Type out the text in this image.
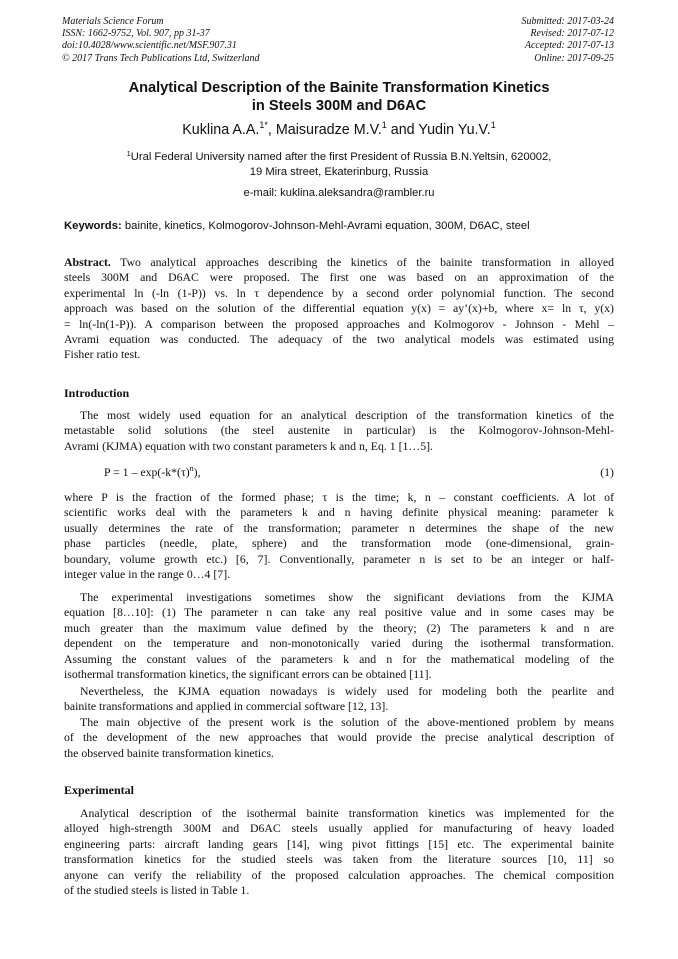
Materials Science Forum
ISSN: 1662-9752, Vol. 907, pp 31-37
doi:10.4028/www.scientific.net/MSF.907.31
© 2017 Trans Tech Publications Ltd, Switzerland
Submitted: 2017-03-24
Revised: 2017-07-12
Accepted: 2017-07-13
Online: 2017-09-25
Analytical Description of the Bainite Transformation Kinetics
in Steels 300M and D6AC
Kuklina A.A.$^{1*}$, Maisuradze M.V.$^1$ and Yudin Yu.V.$^1$
$^1$Ural Federal University named after the first President of Russia B.N.Yeltsin, 620002,
19 Mira street, Ekaterinburg, Russia
e-mail: kuklina.aleksandra@rambler.ru
Keywords: bainite, kinetics, Kolmogorov-Johnson-Mehl-Avrami equation, 300M, D6AC, steel
Abstract. Two analytical approaches describing the kinetics of the bainite transformation in alloyed
steels 300M and D6AC were proposed. The first one was based on an approximation of the
experimental ln (-ln (1-P)) vs. ln τ dependence by a second order polynomial function. The second
approach was based on the solution of the differential equation y(x) = ay’(x)+b, where x= ln τ, y(x)
= ln(-ln(1-P)). A comparison between the proposed approaches and Kolmogorov - Johnson - Mehl –
Avrami equation was conducted. The adequacy of the two analytical models was estimated using
Fisher ratio test.
Introduction
The most widely used equation for an analytical description of the transformation kinetics of the
metastable solid solutions (the steel austenite in particular) is the Kolmogorov-Johnson-Mehl-
Avrami (KJMA) equation with two constant parameters k and n, Eq. 1 [1…5].
$P = 1 - \exp(-k*(\tau)^n)$,	(1)
where P is the fraction of the formed phase; τ is the time; k, n – constant coefficients. A lot of
scientific works deal with the parameters k and n having definite physical meaning: parameter k
usually determines the rate of the transformation; parameter n determines the shape of the new
phase particles (needle, plate, sphere) and the transformation mode (one-dimensional, grain-
boundary, volume growth etc.) [6, 7]. Conventionally, parameter n is set to be an integer or half-
integer value in the range 0…4 [7].
The experimental investigations sometimes show the significant deviations from the KJMA
equation [8…10]: (1) The parameter n can take any real positive value and in some cases may be
much greater than the maximum value defined by the theory; (2) The parameters k and n are
dependent on the temperature and non-monotonically varied during the isothermal transformation.
Assuming the constant values of the parameters k and n for the mathematical modeling of the
isothermal transformation kinetics, the significant errors can be obtained [11].
Nevertheless, the KJMA equation nowadays is widely used for modeling both the pearlite and
bainite transformations and applied in commercial software [12, 13].
The main objective of the present work is the solution of the above-mentioned problem by means
of the development of the new approaches that would provide the precise analytical description of
the observed bainite transformation kinetics.
Experimental
Analytical description of the isothermal bainite transformation kinetics was implemented for the
alloyed high-strength 300M and D6AC steels usually applied for manufacturing of heavy loaded
engineering parts: aircraft landing gears [14], wing pivot fittings [15] etc. The experimental bainite
transformation kinetics for the studied steels was taken from the literature sources [10, 11] so
anyone can verify the reliability of the proposed calculation approaches. The chemical composition
of the studied steels is listed in Table 1.
